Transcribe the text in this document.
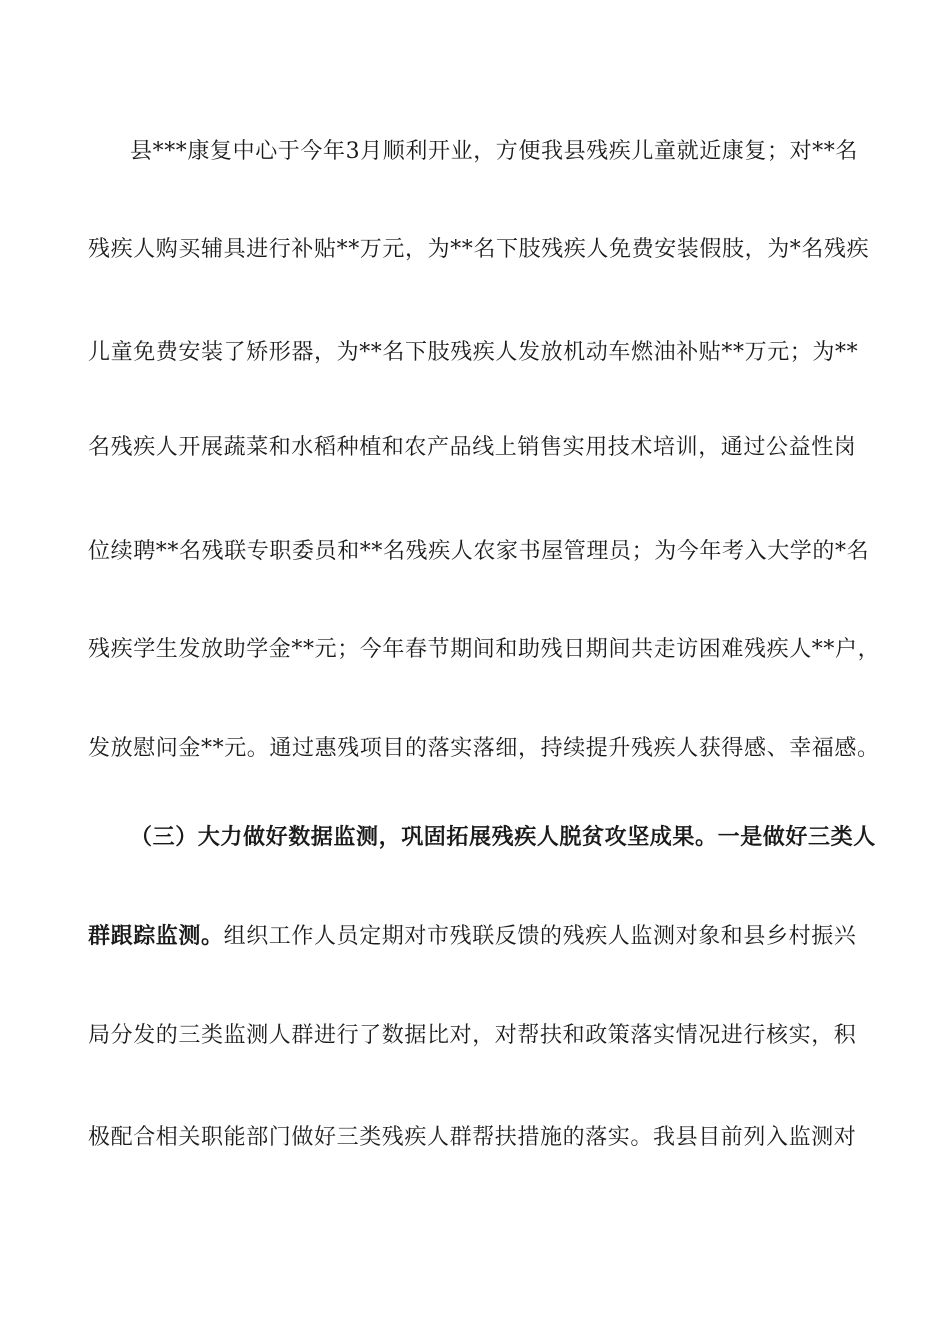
县***康复中心于今年3月顺利开业，方便我县残疾儿童就近康复；对**名
残疾人购买辅具进行补贴**万元，为**名下肢残疾人免费安装假肢，为*名残疾
儿童免费安装了矫形器，为**名下肢残疾人发放机动车燃油补贴**万元；为**
名残疾人开展蔬菜和水稻种植和农产品线上销售实用技术培训，通过公益性岗
位续聘**名残联专职委员和**名残疾人农家书屋管理员；为今年考入大学的*名
残疾学生发放助学金**元；今年春节期间和助残日期间共走访困难残疾人**户，
发放慰问金**元。通过惠残项目的落实落细，持续提升残疾人获得感、幸福感。
（三）大力做好数据监测，巩固拓展残疾人脱贫攻坚成果。一是做好三类人
群跟踪监测。组织工作人员定期对市残联反馈的残疾人监测对象和县乡村振兴
局分发的三类监测人群进行了数据比对，对帮扶和政策落实情况进行核实，积
极配合相关职能部门做好三类残疾人群帮扶措施的落实。我县目前列入监测对
